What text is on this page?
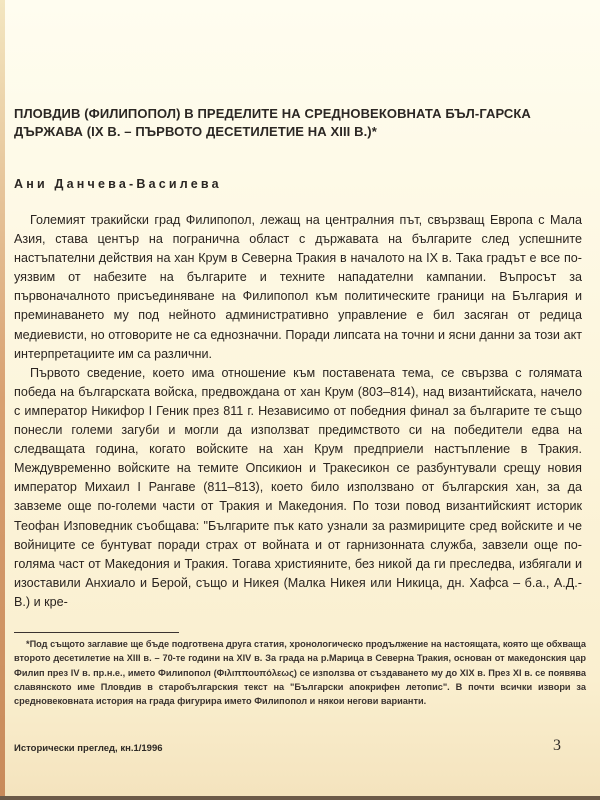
ПЛОВДИВ (ФИЛИПОПОЛ) В ПРЕДЕЛИТЕ НА СРЕДНОВЕКОВНАТА БЪЛ‐ГАРСКА ДЪРЖАВА (IX В. – ПЪРВОТО ДЕСЕТИЛЕТИЕ НА XIII В.)*
Ани Данчева-Василева

Големият тракийски град Филипопол, лежащ на централния път, свързващ Европа с Мала Азия, става център на погранична област с държавата на българите след успешните настъпателни действия на хан Крум в Северна Тракия в началото на IX в. Така градът е все по-уязвим от набезите на българите и техните нападателни кампании. Въпросът за първоначалното присъединяване на Филипопол към политическите граници на България и преминаването му под нейното административно управление е бил засяган от редица медиевисти, но отговорите не са еднозначни. Поради липсата на точни и ясни данни за този акт интерпретациите им са различни.

Първото сведение, което има отношение към поставената тема, се свързва с голямата победа на българската войска, предвождана от хан Крум (803–814), над византийската, начело с император Никифор I Геник през 811 г. Независимо от победния финал за българите те също понесли големи загуби и могли да използват предимството си на победители едва на следващата година, когато войските на хан Крум предприели настъпление в Тракия. Междувременно войските на темите Опсикион и Тракесикон се разбунтували срещу новия император Михаил I Рангаве (811–813), което било използвано от българския хан, за да завземе още по-големи части от Тракия и Македония. По този повод византийският историк Теофан Изповедник съобщава: "Българите пък като узнали за размириците сред войските и че войниците се бунтуват поради страх от войната и от гарнизонната служба, завзели още по-голяма част от Македония и Тракия. Тогава християните, без никой да ги преследва, избягали и изоставили Анхиало и Берой, също и Никея (Малка Никея или Никица, дн. Хафса – б.а., А.Д.-В.) и кре-

*Под същото заглавие ще бъде подготвена друга статия, хронологическо продължение на настоящата, която ще обхваща второто десетилетие на XIII в. – 70-те години на XIV в. За града на р.Марица в Северна Тракия, основан от македонския цар Филип през IV в. пр.н.е., името Филипопол (Φιλιππουπόλεως) се използва от създаването му до XIX в. През XI в. се появява славянското име Пловдив в старобългарския текст на "Български апокрифен летопис". В почти всички извори за средновековната история на града фигурира името Филипопол и някои негови варианти.

Исторически преглед, кн.1/1996	3
